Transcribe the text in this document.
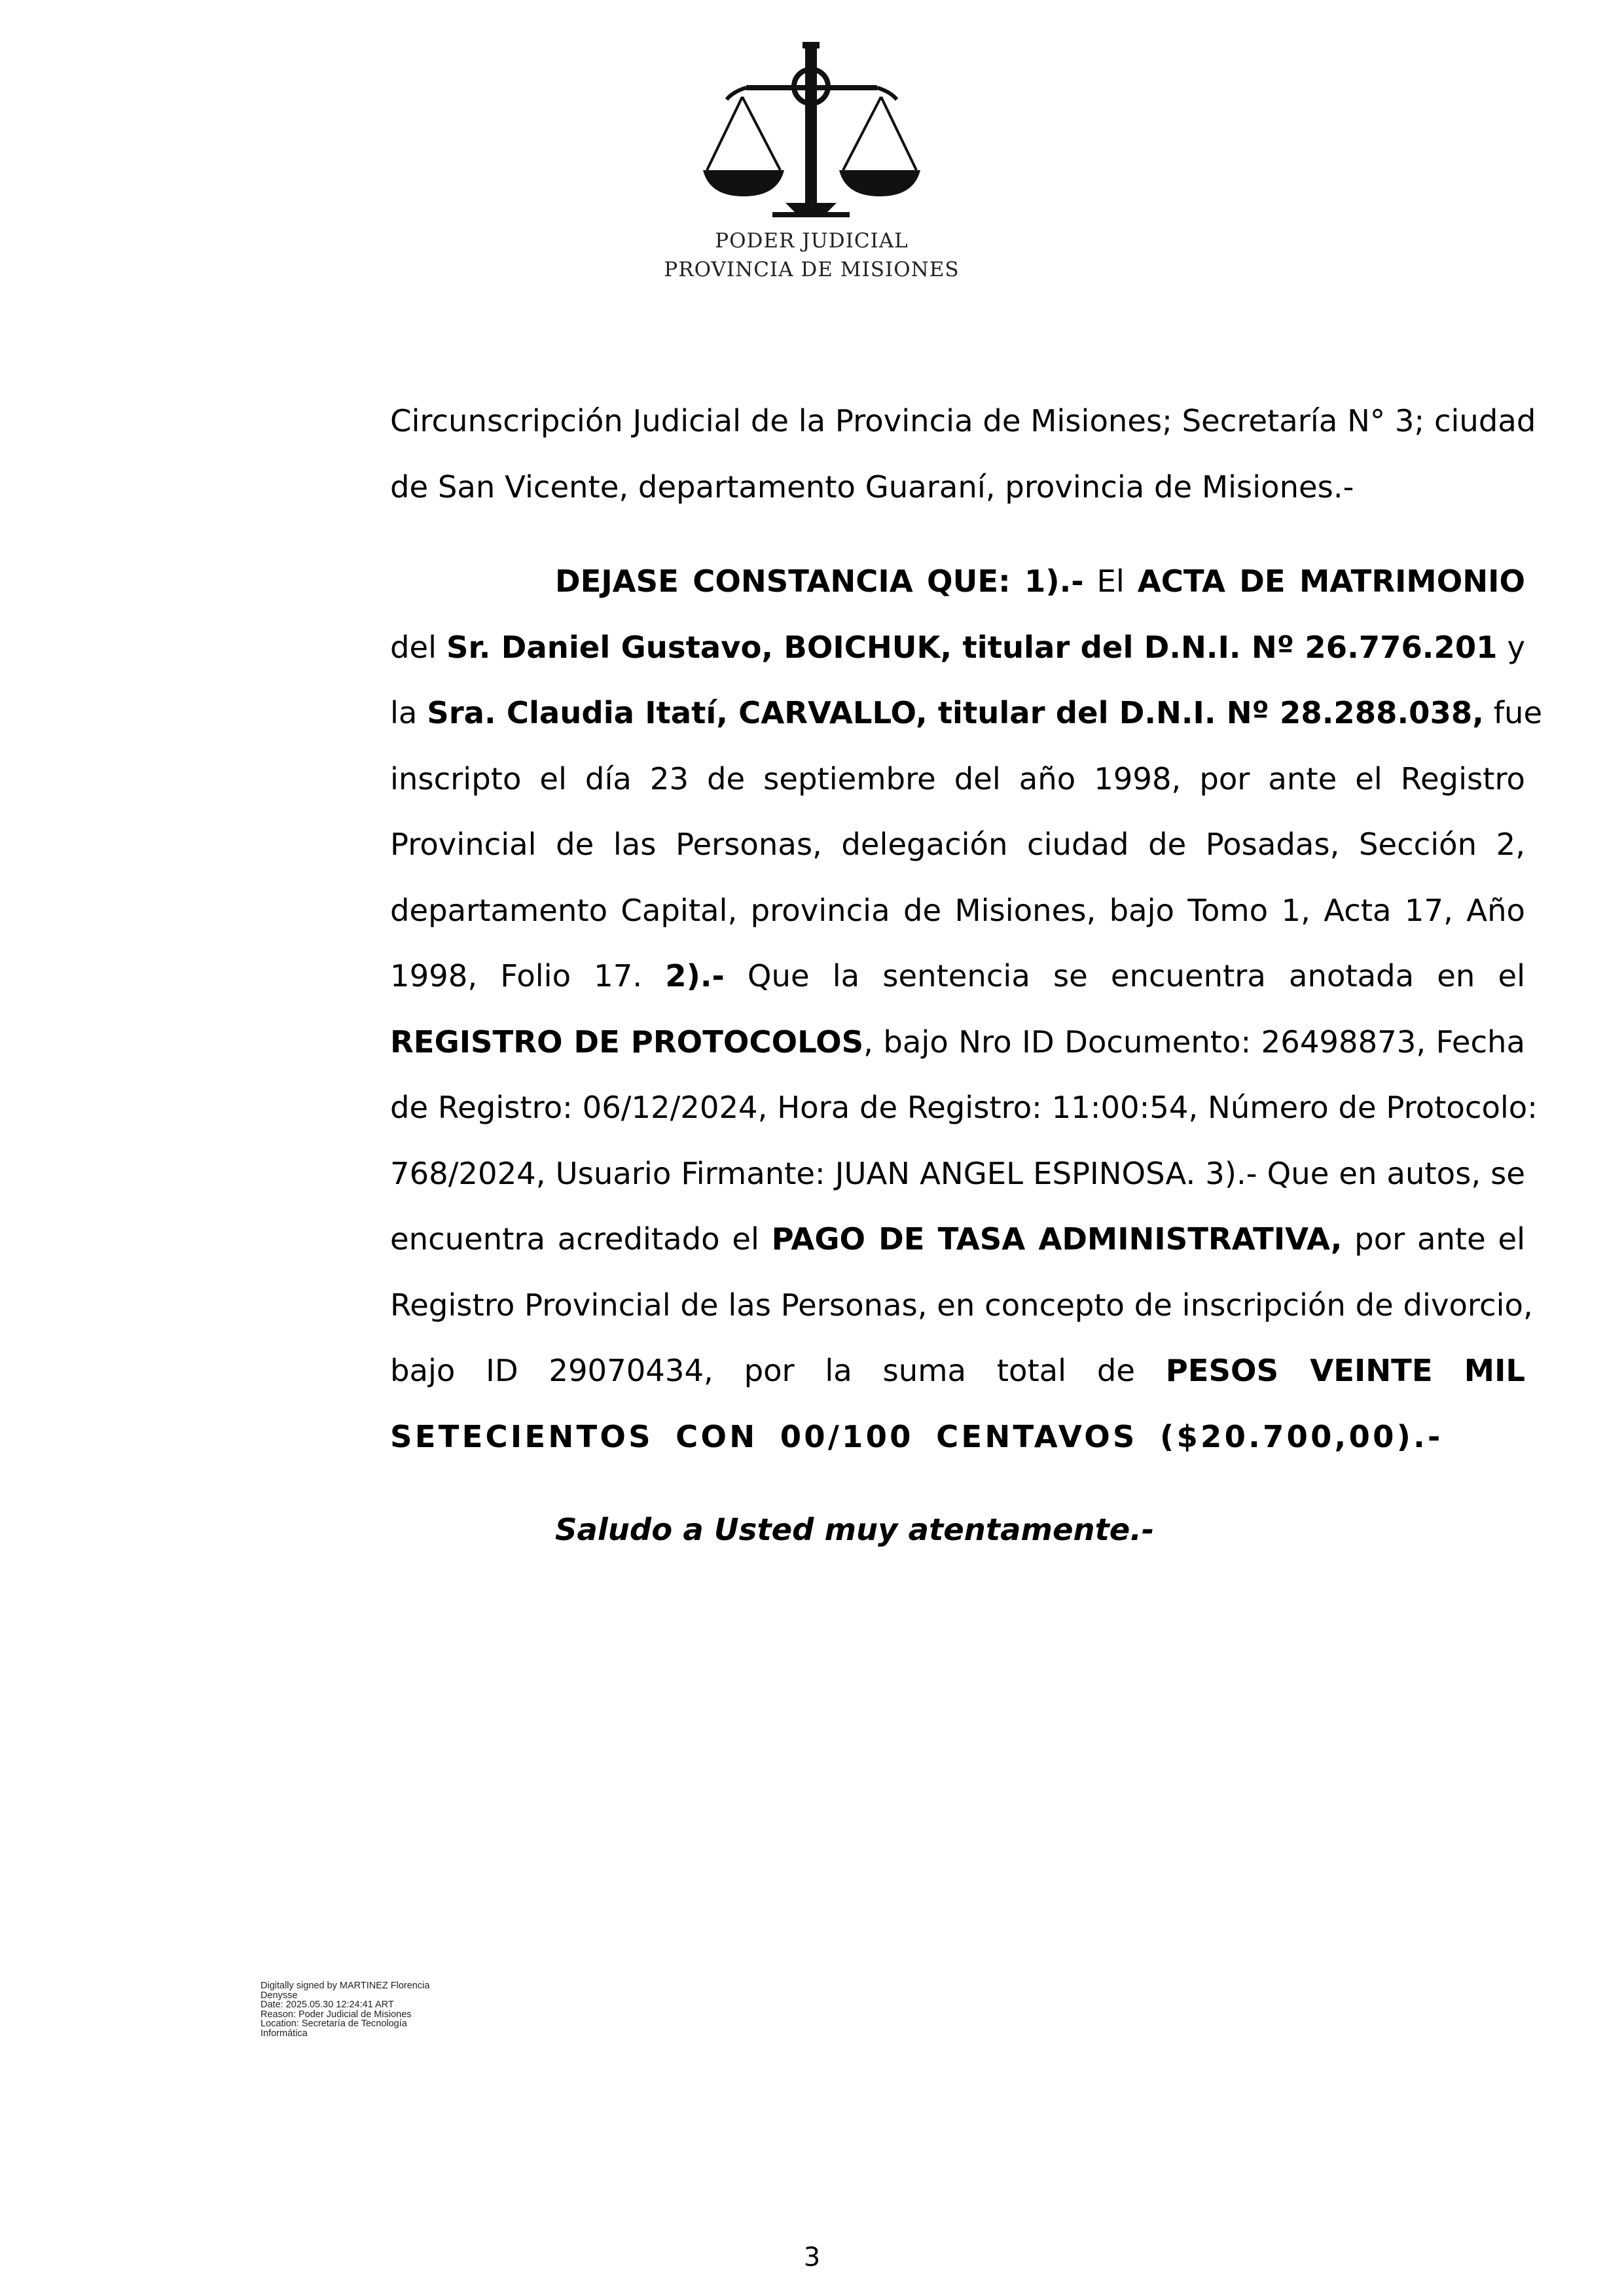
PODER JUDICIAL
PROVINCIA DE MISIONES
Circunscripción Judicial de la Provincia de Misiones; Secretaría N° 3; ciudad
de San Vicente, departamento Guaraní, provincia de Misiones.-
DEJASE CONSTANCIA QUE: 1).- El ACTA DE MATRIMONIO
del Sr. Daniel Gustavo, BOICHUK, titular del D.N.I. Nº 26.776.201 y
la Sra. Claudia Itatí, CARVALLO, titular del D.N.I. Nº 28.288.038, fue
inscripto el día 23 de septiembre del año 1998, por ante el Registro
Provincial de las Personas, delegación ciudad de Posadas, Sección 2,
departamento Capital, provincia de Misiones, bajo Tomo 1, Acta 17, Año
1998, Folio 17. 2).- Que la sentencia se encuentra anotada en el
REGISTRO DE PROTOCOLOS, bajo Nro ID Documento: 26498873, Fecha
de Registro: 06/12/2024, Hora de Registro: 11:00:54, Número de Protocolo:
768/2024, Usuario Firmante: JUAN ANGEL ESPINOSA. 3).- Que en autos, se
encuentra acreditado el PAGO DE TASA ADMINISTRATIVA, por ante el
Registro Provincial de las Personas, en concepto de inscripción de divorcio,
bajo ID 29070434, por la suma total de PESOS VEINTE MIL
SETECIENTOS CON 00/100 CENTAVOS ($20.700,00).-
Saludo a Usted muy atentamente.-
Digitally signed by MARTINEZ Florencia
Denysse
Date: 2025.05.30 12:24:41 ART
Reason: Poder Judicial de Misiones
Location: Secretaría de Tecnología
Informática
3
